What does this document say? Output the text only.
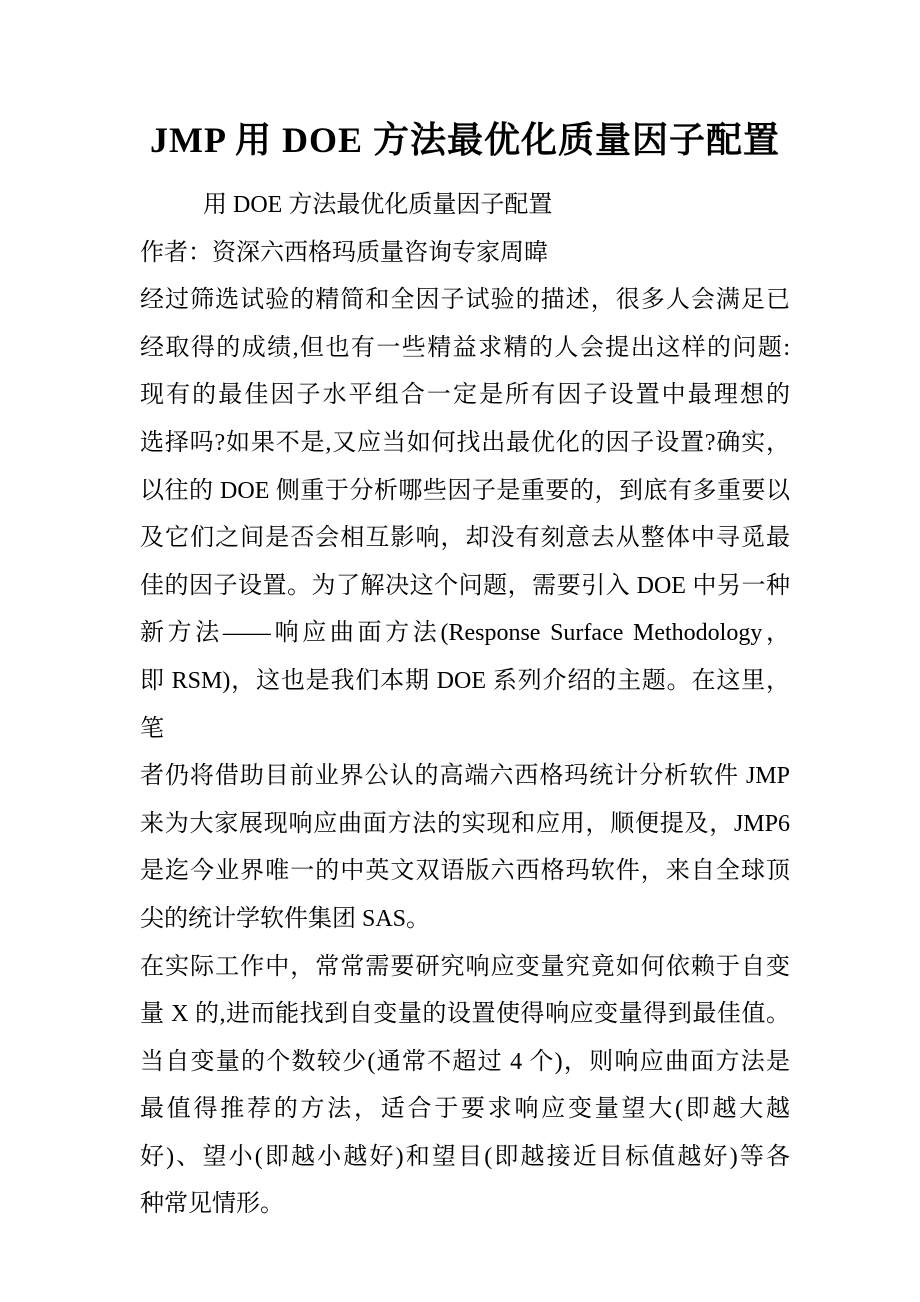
JMP 用 DOE 方法最优化质量因子配置
用 DOE 方法最优化质量因子配置
作者：资深六西格玛质量咨询专家周暐
经过筛选试验的精简和全因子试验的描述，很多人会满足已
经取得的成绩,但也有一些精益求精的人会提出这样的问题:
现有的最佳因子水平组合一定是所有因子设置中最理想的
选择吗?如果不是,又应当如何找出最优化的因子设置?确实，
以往的 DOE 侧重于分析哪些因子是重要的，到底有多重要以
及它们之间是否会相互影响，却没有刻意去从整体中寻觅最
佳的因子设置。为了解决这个问题，需要引入 DOE 中另一种
新方法——响应曲面方法(Response Surface Methodology，
即 RSM)，这也是我们本期 DOE 系列介绍的主题。在这里，笔
者仍将借助目前业界公认的高端六西格玛统计分析软件 JMP
来为大家展现响应曲面方法的实现和应用，顺便提及，JMP6
是迄今业界唯一的中英文双语版六西格玛软件，来自全球顶
尖的统计学软件集团 SAS。
在实际工作中，常常需要研究响应变量究竟如何依赖于自变
量 X 的,进而能找到自变量的设置使得响应变量得到最佳值。
当自变量的个数较少(通常不超过 4 个)，则响应曲面方法是
最值得推荐的方法，适合于要求响应变量望大(即越大越
好)、望小(即越小越好)和望目(即越接近目标值越好)等各
种常见情形。
